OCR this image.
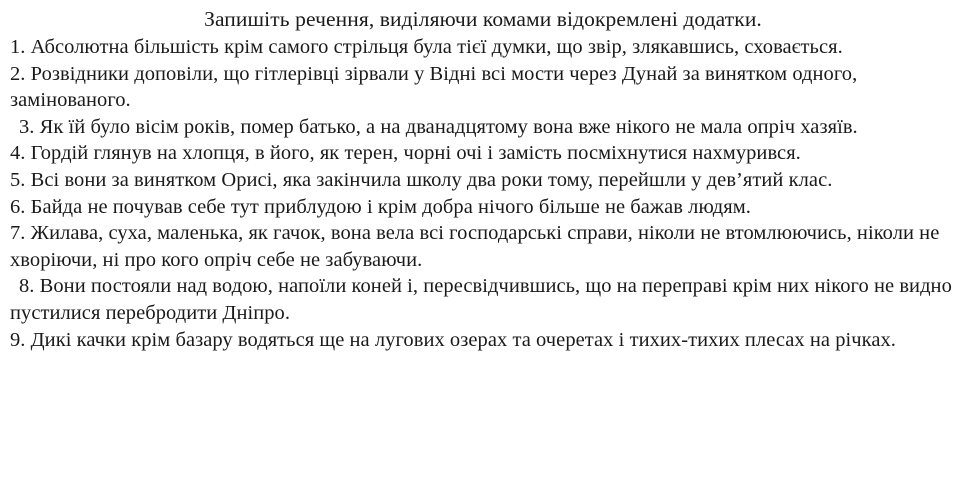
Запишіть речення, виділяючи комами відокремлені додатки.

1. Абсолютна більшість крім самого стрільця була тієї думки, що звір, злякавшись, сховається.

2. Розвідники доповіли, що гітлерівці зірвали у Відні всі мости через Дунай за винятком одного, замінованого.

3. Як їй було вісім років, помер батько, а на дванадцятому вона вже нікого не мала опріч хазяїв.

4. Гордій глянув на хлопця, в його, як терен, чорні очі і замість посміхнутися нахмурився.

5. Всі вони за винятком Орисі, яка закінчила школу два роки тому, перейшли у дев’ятий клас.

6. Байда не почував себе тут приблудою і крім добра нічого більше не бажав людям.

7. Жилава, суха, маленька, як гачок, вона вела всі господарські справи, ніколи не втомлюючись, ніколи не хворіючи, ні про кого опріч себе не забуваючи.

8. Вони постояли над водою, напоїли коней і, пересвідчившись, що на переправі крім них нікого не видно пустилися перебродити Дніпро.

9. Дикі качки крім базару водяться ще на лугових озерах та очеретах і тихих-тихих плесах на річках.
